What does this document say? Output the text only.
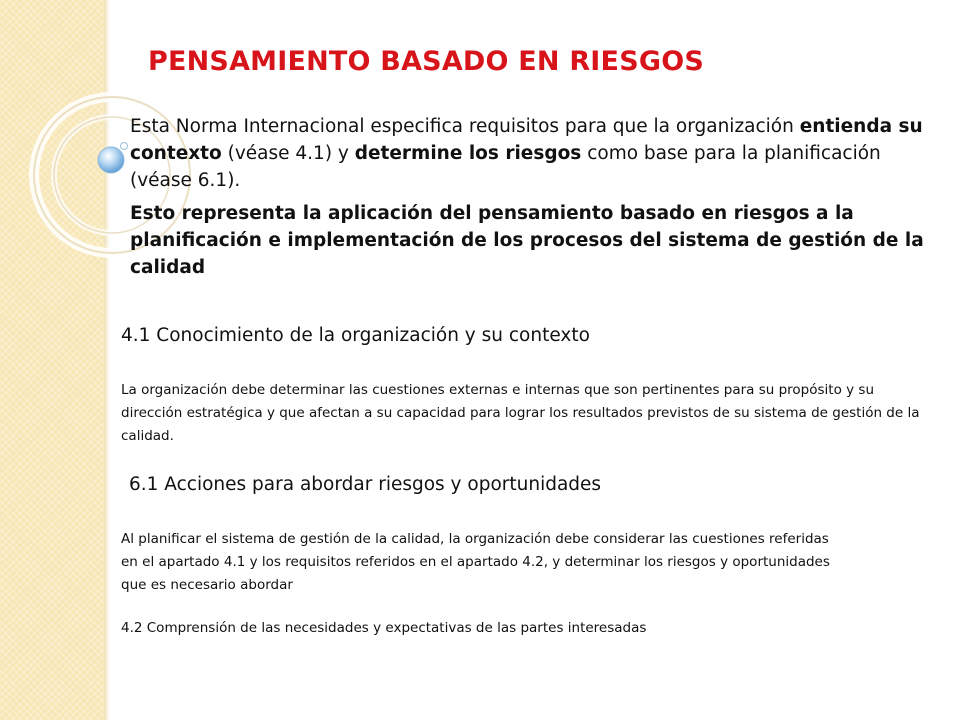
PENSAMIENTO BASADO EN RIESGOS

Esta Norma Internacional especifica requisitos para que la organización entienda su contexto (véase 4.1) y determine los riesgos como base para la planificación (véase 6.1).

Esto representa la aplicación del pensamiento basado en riesgos a la planificación e implementación de los procesos del sistema de gestión de la calidad

4.1 Conocimiento de la organización y su contexto

La organización debe determinar las cuestiones externas e internas que son pertinentes para su propósito y su dirección estratégica y que afectan a su capacidad para lograr los resultados previstos de su sistema de gestión de la calidad.

6.1 Acciones para abordar riesgos y oportunidades

Al planificar el sistema de gestión de la calidad, la organización debe considerar las cuestiones referidas en el apartado 4.1 y los requisitos referidos en el apartado 4.2, y determinar los riesgos y oportunidades que es necesario abordar

4.2 Comprensión de las necesidades y expectativas de las partes interesadas
